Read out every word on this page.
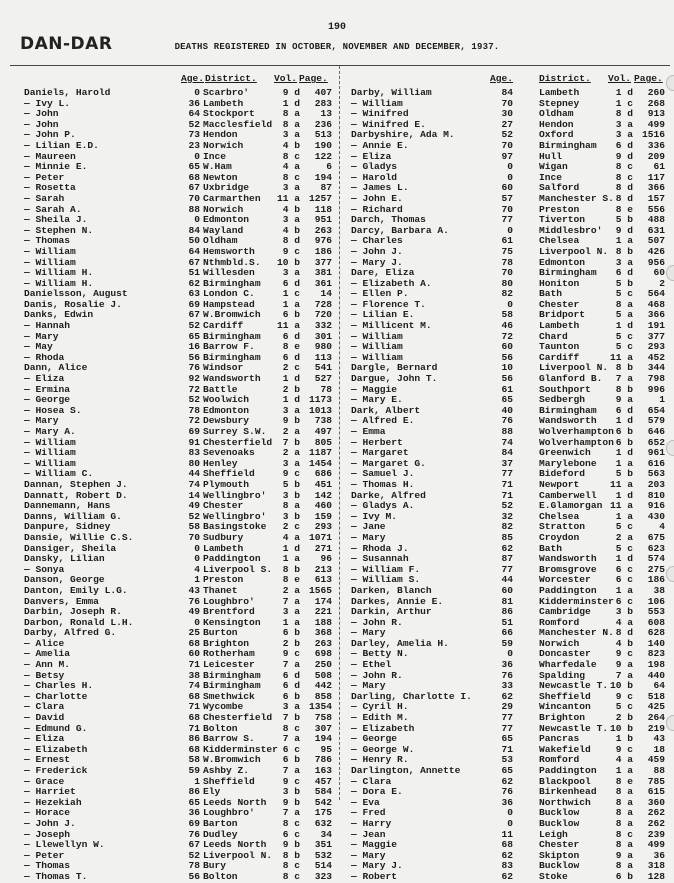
190
DAN-DAR	DEATHS REGISTERED IN OCTOBER, NOVEMBER AND DECEMBER, 1937.
Age. District. Vol. Page.
Daniels, Harold	0 Scarbro'	9 d	407
— Ivy L.	36 Lambeth	1 d	283
— John	64 Stockport	8 a	13
— John	52 Macclesfield	8 a	236
— John P.	73 Hendon	3 a	513
— Lilian E.D.	23 Norwich	4 b	190
— Maureen	0 Ince	8 c	122
— Minnie E.	65 W.Ham	4 a	6
— Peter	68 Newton	8 c	194
— Rosetta	67 Uxbridge	3 a	87
— Sarah	70 Carmarthen 11 a 1257
— Sarah A.	88 Norwich	4 b	118
— Sheila J.	0 Edmonton	3 a	951
— Stephen N.	84 Wayland	4 b	263
— Thomas	50 Oldham	8 d	976
— William	64 Hemsworth	9 c	186
— William	67 Nthmbld.S. 10 b	377
— William H.	51 Willesden	3 a	381
— William H.	62 Birmingham	6 d	361
Danielsson, August	63 London C.	1 c	14
Danis, Rosalie J.	69 Hampstead	1 a	728
Danks, Edwin	67 W.Bromwich	6 b	720
— Hannah	52 Cardiff	11 a	332
— Mary	65 Birmingham	6 d	301
— May	16 Barrow F.	8 e	980
— Rhoda	56 Birmingham	6 d	113
Dann, Alice	76 Windsor	2 c	541
— Eliza	92 Wandsworth	1 d	527
— Ermina	72 Battle	2 b	78
— George	52 Woolwich	1 d 1173
— Hosea S.	78 Edmonton	3 a 1013
— Mary	72 Dewsbury	9 b	738
— Mary A.	69 Surrey S.W.	2 a	497
— William	91 Chesterfield	7 b	805
— William	83 Sevenoaks	2 a 1187
— William	80 Henley	3 a 1454
— William C.	44 Sheffield	9 c	686
Dannan, Stephen J.	74 Plymouth	5 b	451
Dannatt, Robert D.	14 Wellingbro'	3 b	142
Dannemann, Hans	49 Chester	8 a	460
Danns, William G.	52 Wellingbro'	3 b	159
Danpure, Sidney	58 Basingstoke	2 c	293
Dansie, Willie C.S.	70 Sudbury	4 a 1071
Dansiger, Sheila	0 Lambeth	1 d	271
Dansky, Lilian	0 Paddington	1 a	96
— Sonya	4 Liverpool S.	8 b	213
Danson, George	1 Preston	8 e	613
Danton, Emily L.G.	43 Thanet	2 a 1565
Danvers, Emma	76 Loughbro'	7 a	174
Darbin, Joseph R.	49 Brentford	3 a	221
Darbon, Ronald L.H.	0 Kensington	1 a	188
Darby, Alfred G.	25 Burton	6 b	368
— Alice	68 Brighton	2 b	263
— Amelia	60 Rotherham	9 c	698
— Ann M.	71 Leicester	7 a	250
— Betsy	38 Birmingham	6 d	508
— Charles H.	74 Birmingham	6 d	442
— Charlotte	68 Smethwick	6 b	858
— Clara	71 Wycombe	3 a 1354
— David	68 Chesterfield	7 b	758
— Edmund G.	71 Bolton	8 c	307
— Eliza	86 Barrow S.	7 a	194
— Elizabeth	68 Kidderminster 6 c	95
— Ernest	58 W.Bromwich	6 b	786
— Frederick	59 Ashby Z.	7 a	163
— Grace	1 Sheffield	9 c	457
— Harriet	86 Ely	3 b	584
— Hezekiah	65 Leeds North	9 b	542
— Horace	36 Loughbro'	7 a	175
— John J.	69 Barton	8 c	632
— Joseph	76 Dudley	6 c	34
— Llewellyn W.	67 Leeds North	9 b	351
— Peter	52 Liverpool N.	8 b	532
— Thomas	78 Bury	8 c	514
— Thomas T.	56 Bolton	8 c	323
Age.	District. Vol. Page.
Darby, William	84	Lambeth	1 d	260
— William	70	Stepney	1 c	268
— Winifred	30	Oldham	8 d	913
— Winifred E.	27	Hendon	3 a	499
Darbyshire, Ada M.	52	Oxford	3 a 1516
— Annie E.	70	Birmingham	6 d	336
— Eliza	97	Hull	9 d	209
— Gladys	0	Wigan	8 c	61
— Harold	0	Ince	8 c	117
— James L.	60	Salford	8 d	366
— John E.	57	Manchester S. 8 d	157
— Richard	70	Preston	8 e	556
Darch, Thomas	77	Tiverton	5 b	488
Darcy, Barbara A.	0	Middlesbro'	9 d	631
— Charles	61	Chelsea	1 a	507
— John J.	75	Liverpool N. 8 b	426
— Mary J.	78	Edmonton	3 a	956
Dare, Eliza	70	Birmingham	6 d	60
— Elizabeth A.	80	Honiton	5 b	2
— Ellen P.	82	Bath	5 c	564
— Florence T.	0	Chester	8 a	468
— Lilian E.	58	Bridport	5 a	366
— Millicent M.	46	Lambeth	1 d	191
— William	72	Chard	5 c	377
— William	60	Taunton	5 c	293
— William	56	Cardiff	11 a	452
Dargle, Bernard	10	Liverpool N. 8 b	344
Dargue, John T.	56	Glanford B.	7 a	798
— Maggie	61	Southport	8 b	996
— Mary E.	65	Sedbergh	9 a	1
Dark, Albert	40	Birmingham	6 d	654
— Alfred E.	76	Wandsworth	1 d	579
— Emma	88	Wolverhampton 6 b	646
— Herbert	74	Wolverhampton 6 b	652
— Margaret	84	Greenwich	1 d	961
— Margaret G.	37	Marylebone	1 a	616
— Samuel J.	77	Bideford	5 b	563
— Thomas H.	71	Newport	11 a	203
Darke, Alfred	71	Camberwell	1 d	810
— Gladys A.	52	E.Glamorgan 11 a	916
— Ivy M.	32	Chelsea	1 a	430
— Jane	82	Stratton	5 c	4
— Mary	85	Croydon	2 a	675
— Rhoda J.	62	Bath	5 c	623
— Susannah	87	Wandsworth	1 d	574
— William F.	77	Bromsgrove	6 c	275
— William S.	44	Worcester	6 c	186
Darken, Blanch	60	Paddington	1 a	38
Darkes, Annie E.	81	Kidderminster 6 c	106
Darkin, Arthur	86	Cambridge	3 b	553
— John R.	51	Romford	4 a	608
— Mary	66	Manchester N. 8 d	628
Darley, Amelia H.	59	Norwich	4 b	140
— Betty N.	0	Doncaster	9 c	823
— Ethel	36	Wharfedale	9 a	198
— John R.	76	Spalding	7 a	440
— Mary	33	Newcastle T. 10 b	64
Darling, Charlotte I.	62	Sheffield	9 c	518
— Cyril H.	29	Wincanton	5 c	425
— Edith M.	77	Brighton	2 b	264
— Elizabeth	77	Newcastle T. 10 b	219
— George	65	Pancras	1 b	43
— George W.	71	Wakefield	9 c	18
— Henry R.	53	Romford	4 a	459
Darlington, Annette	65	Paddington	1 a	88
— Clara	62	Blackpool	8 e	785
— Dora E.	76	Birkenhead	8 a	615
— Eva	36	Northwich	8 a	360
— Fred	0	Bucklow	8 a	262
— Harry	0	Bucklow	8 a	262
— Jean	11	Leigh	8 c	239
— Maggie	68	Chester	8 a	499
— Mary	62	Skipton	9 a	36
— Mary J.	83	Bucklow	8 a	318
— Robert	62	Stoke	6 b	128
